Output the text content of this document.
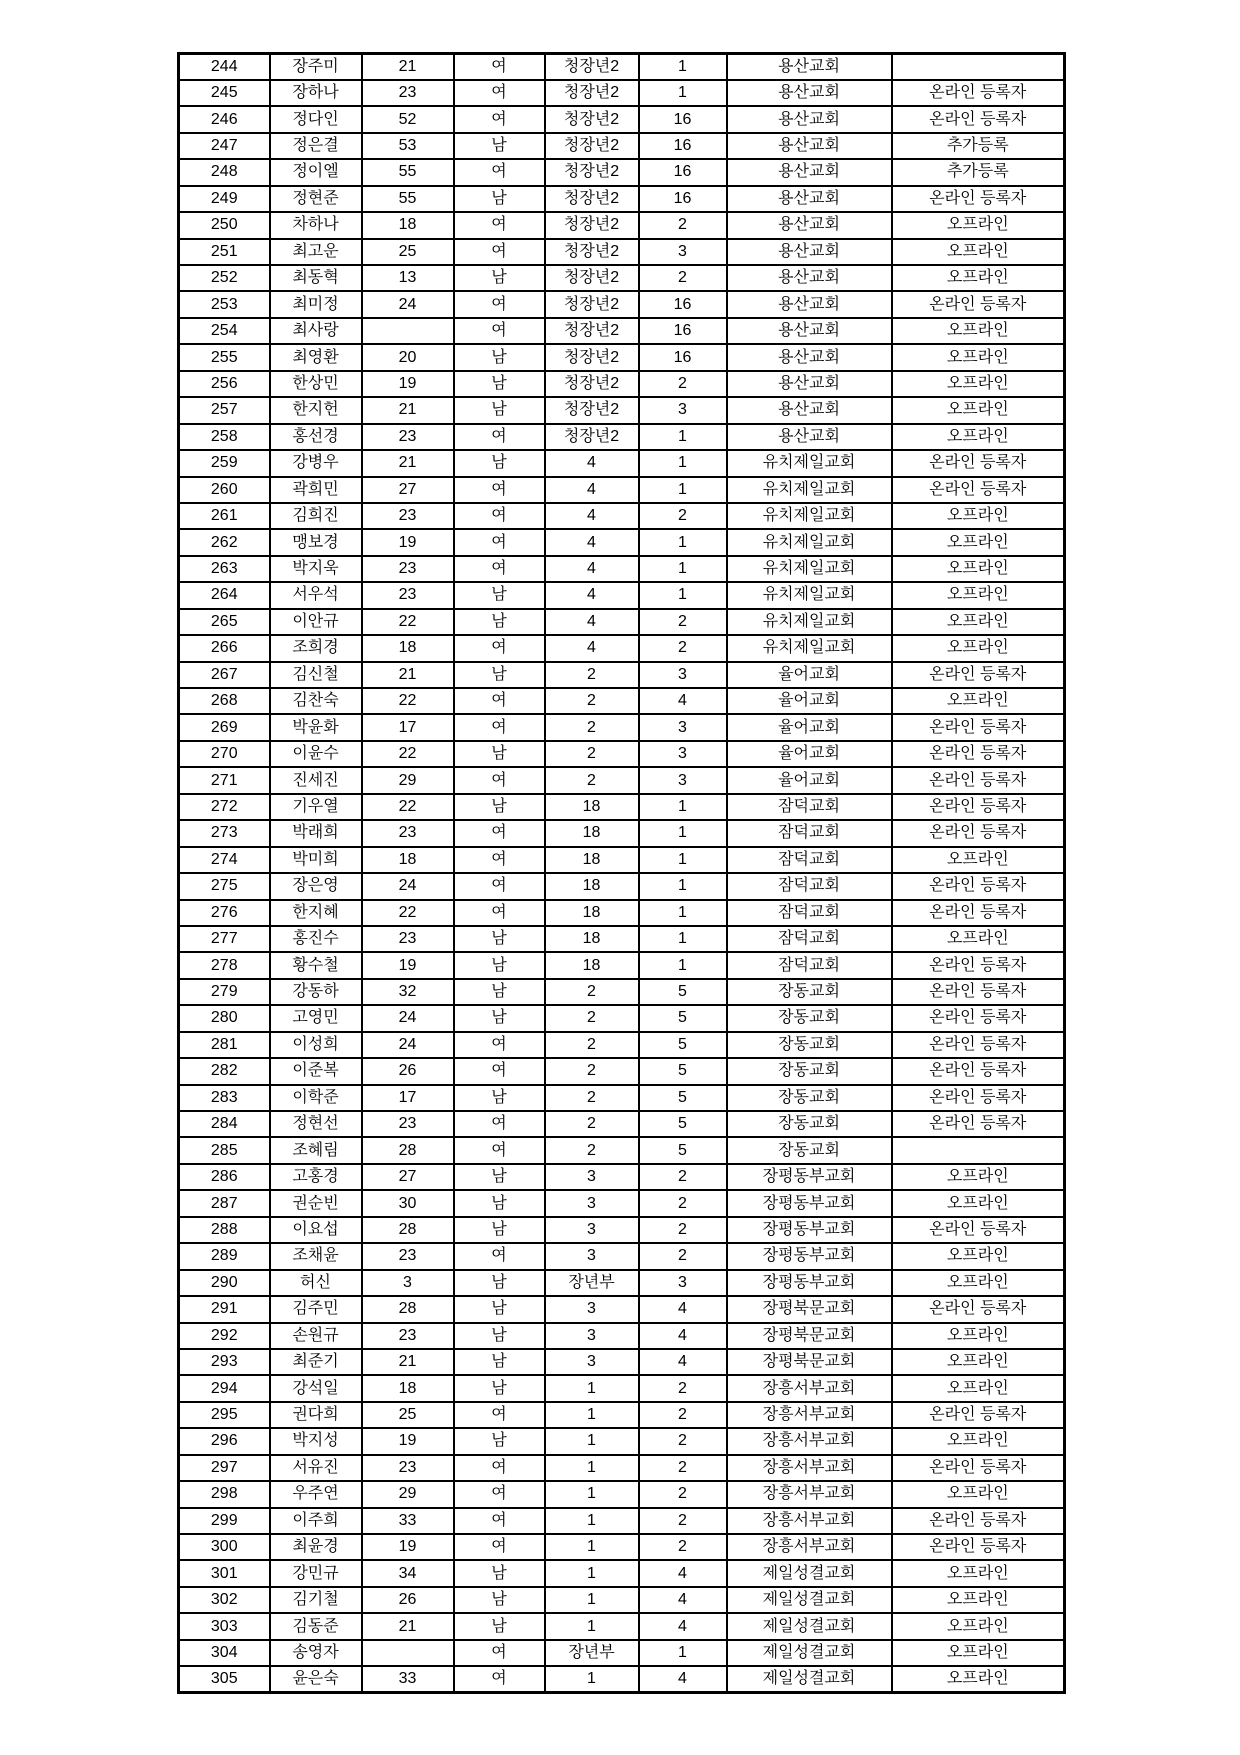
244	장주미	21	여	청장년2	1	용산교회	
245	장하나	23	여	청장년2	1	용산교회	온라인 등록자
246	정다인	52	여	청장년2	16	용산교회	온라인 등록자
247	정은결	53	남	청장년2	16	용산교회	추가등록
248	정이엘	55	여	청장년2	16	용산교회	추가등록
249	정현준	55	남	청장년2	16	용산교회	온라인 등록자
250	차하나	18	여	청장년2	2	용산교회	오프라인
251	최고운	25	여	청장년2	3	용산교회	오프라인
252	최동혁	13	남	청장년2	2	용산교회	오프라인
253	최미정	24	여	청장년2	16	용산교회	온라인 등록자
254	최사랑		여	청장년2	16	용산교회	오프라인
255	최영환	20	남	청장년2	16	용산교회	오프라인
256	한상민	19	남	청장년2	2	용산교회	오프라인
257	한지헌	21	남	청장년2	3	용산교회	오프라인
258	홍선경	23	여	청장년2	1	용산교회	오프라인
259	강병우	21	남	4	1	유치제일교회	온라인 등록자
260	곽희민	27	여	4	1	유치제일교회	온라인 등록자
261	김희진	23	여	4	2	유치제일교회	오프라인
262	맹보경	19	여	4	1	유치제일교회	오프라인
263	박지욱	23	여	4	1	유치제일교회	오프라인
264	서우석	23	남	4	1	유치제일교회	오프라인
265	이안규	22	남	4	2	유치제일교회	오프라인
266	조희경	18	여	4	2	유치제일교회	오프라인
267	김신철	21	남	2	3	율어교회	온라인 등록자
268	김찬숙	22	여	2	4	율어교회	오프라인
269	박윤화	17	여	2	3	율어교회	온라인 등록자
270	이윤수	22	남	2	3	율어교회	온라인 등록자
271	진세진	29	여	2	3	율어교회	온라인 등록자
272	기우열	22	남	18	1	잠덕교회	온라인 등록자
273	박래희	23	여	18	1	잠덕교회	온라인 등록자
274	박미희	18	여	18	1	잠덕교회	오프라인
275	장은영	24	여	18	1	잠덕교회	온라인 등록자
276	한지혜	22	여	18	1	잠덕교회	온라인 등록자
277	홍진수	23	남	18	1	잠덕교회	오프라인
278	황수철	19	남	18	1	잠덕교회	온라인 등록자
279	강동하	32	남	2	5	장동교회	온라인 등록자
280	고영민	24	남	2	5	장동교회	온라인 등록자
281	이성희	24	여	2	5	장동교회	온라인 등록자
282	이준복	26	여	2	5	장동교회	온라인 등록자
283	이학준	17	남	2	5	장동교회	온라인 등록자
284	정현선	23	여	2	5	장동교회	온라인 등록자
285	조혜림	28	여	2	5	장동교회	
286	고홍경	27	남	3	2	장평동부교회	오프라인
287	권순빈	30	남	3	2	장평동부교회	오프라인
288	이요섭	28	남	3	2	장평동부교회	온라인 등록자
289	조채윤	23	여	3	2	장평동부교회	오프라인
290	허신	3	남	장년부	3	장평동부교회	오프라인
291	김주민	28	남	3	4	장평북문교회	온라인 등록자
292	손원규	23	남	3	4	장평북문교회	오프라인
293	최준기	21	남	3	4	장평북문교회	오프라인
294	강석일	18	남	1	2	장흥서부교회	오프라인
295	권다희	25	여	1	2	장흥서부교회	온라인 등록자
296	박지성	19	남	1	2	장흥서부교회	오프라인
297	서유진	23	여	1	2	장흥서부교회	온라인 등록자
298	우주연	29	여	1	2	장흥서부교회	오프라인
299	이주희	33	여	1	2	장흥서부교회	온라인 등록자
300	최윤경	19	여	1	2	장흥서부교회	온라인 등록자
301	강민규	34	남	1	4	제일성결교회	오프라인
302	김기철	26	남	1	4	제일성결교회	오프라인
303	김동준	21	남	1	4	제일성결교회	오프라인
304	송영자		여	장년부	1	제일성결교회	오프라인
305	윤은숙	33	여	1	4	제일성결교회	오프라인
